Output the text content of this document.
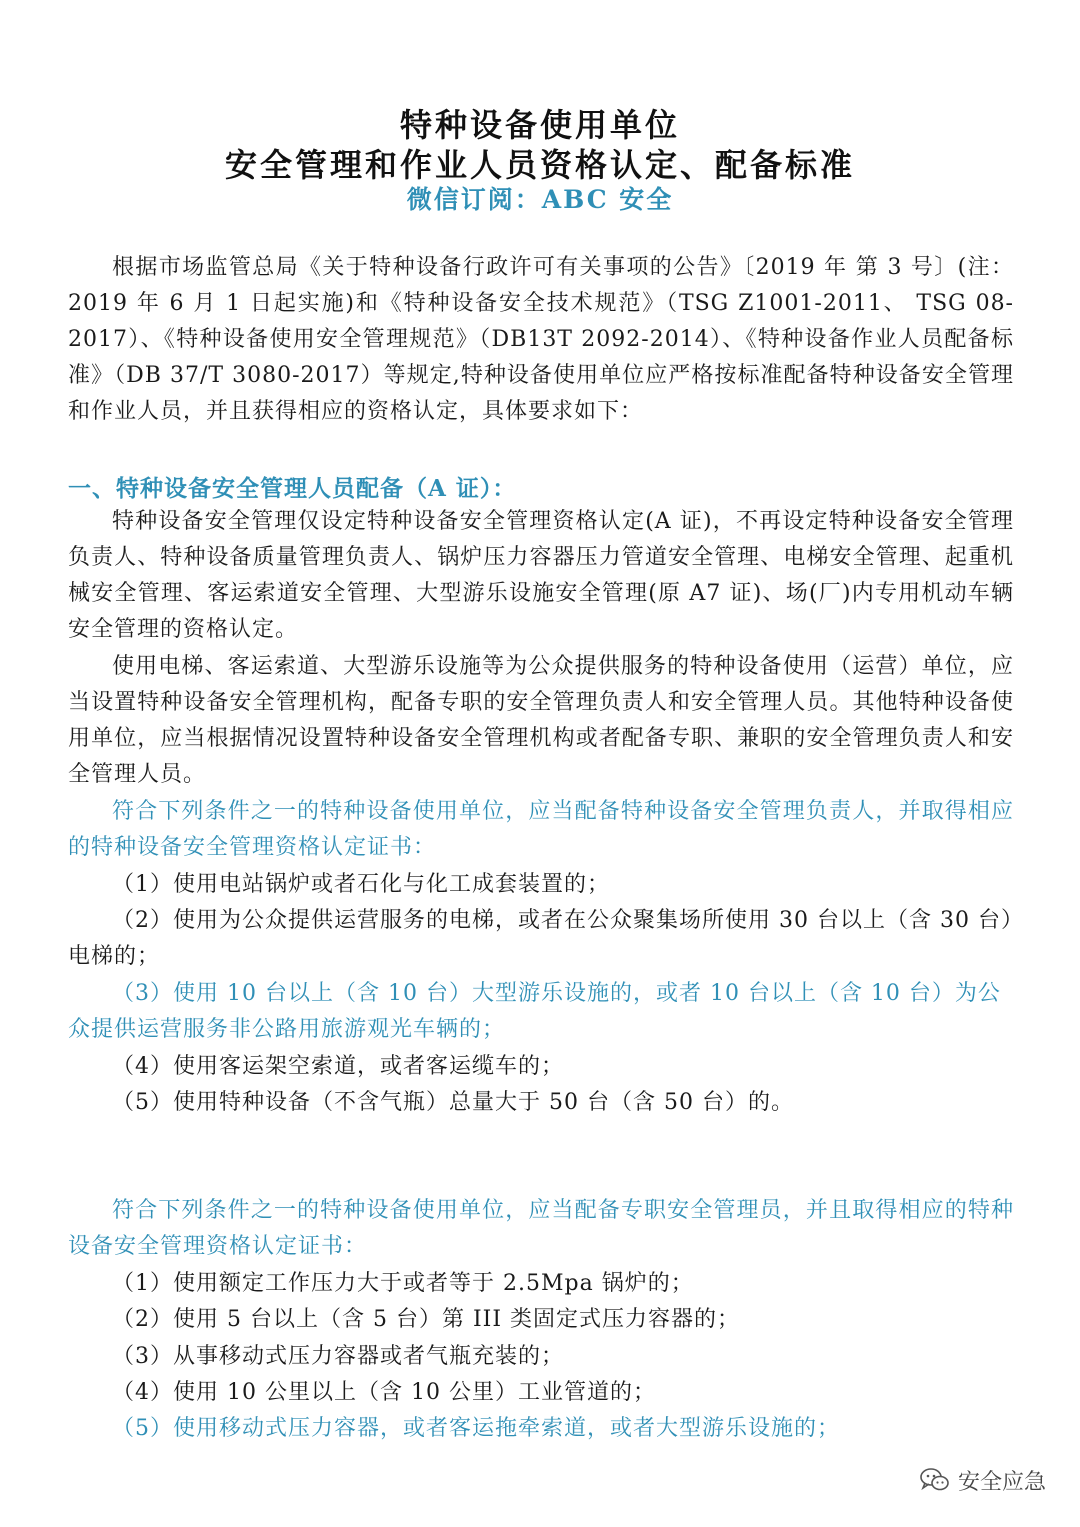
特种设备使用单位
安全管理和作业人员资格认定、配备标准
微信订阅：ABC 安全
根据市场监管总局《关于特种设备行政许可有关事项的公告》〔2019 年 第 3 号〕(注：2019 年 6 月 1 日起实施)和《特种设备安全技术规范》（TSG Z1001-2011、 TSG 08-2017）、《特种设备使用安全管理规范》（DB13T 2092-2014）、《特种设备作业人员配备标准》（DB 37/T 3080-2017）等规定,特种设备使用单位应严格按标准配备特种设备安全管理和作业人员，并且获得相应的资格认定，具体要求如下：
一、特种设备安全管理人员配备（A 证）：
特种设备安全管理仅设定特种设备安全管理资格认定(A 证)，不再设定特种设备安全管理负责人、特种设备质量管理负责人、锅炉压力容器压力管道安全管理、电梯安全管理、起重机械安全管理、客运索道安全管理、大型游乐设施安全管理(原 A7 证)、场(厂)内专用机动车辆安全管理的资格认定。
使用电梯、客运索道、大型游乐设施等为公众提供服务的特种设备使用（运营）单位，应当设置特种设备安全管理机构，配备专职的安全管理负责人和安全管理人员。其他特种设备使用单位，应当根据情况设置特种设备安全管理机构或者配备专职、兼职的安全管理负责人和安全管理人员。
符合下列条件之一的特种设备使用单位，应当配备特种设备安全管理负责人，并取得相应的特种设备安全管理资格认定证书：
（1）使用电站锅炉或者石化与化工成套装置的；
（2）使用为公众提供运营服务的电梯，或者在公众聚集场所使用 30 台以上（含 30 台）电梯的；
（3）使用 10 台以上（含 10 台）大型游乐设施的，或者 10 台以上（含 10 台）为公众提供运营服务非公路用旅游观光车辆的；
（4）使用客运架空索道，或者客运缆车的；
（5）使用特种设备（不含气瓶）总量大于 50 台（含 50 台）的。
符合下列条件之一的特种设备使用单位，应当配备专职安全管理员，并且取得相应的特种设备安全管理资格认定证书：
（1）使用额定工作压力大于或者等于 2.5Mpa 锅炉的；
（2）使用 5 台以上（含 5 台）第 III 类固定式压力容器的；
（3）从事移动式压力容器或者气瓶充装的；
（4）使用 10 公里以上（含 10 公里）工业管道的；
（5）使用移动式压力容器，或者客运拖牵索道，或者大型游乐设施的；
安全应急
